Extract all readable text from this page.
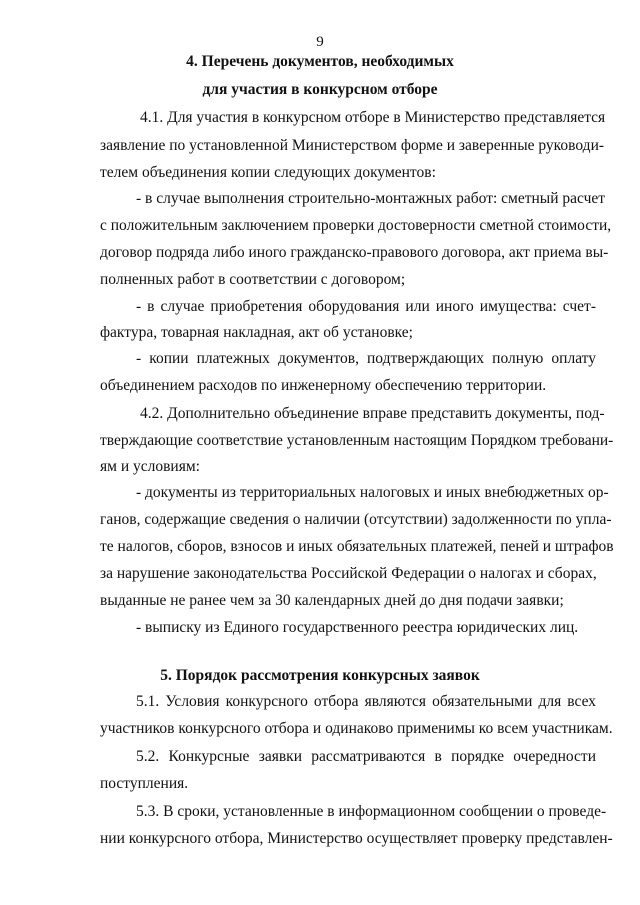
9
4. Перечень документов, необходимых
для участия в конкурсном отборе
4.1. Для участия в конкурсном отборе в Министерство представляется
заявление по установленной Министерством форме и заверенные руководи-
телем объединения копии следующих документов:
- в случае выполнения строительно-монтажных работ: сметный расчет
с положительным заключением проверки достоверности сметной стоимости,
договор подряда либо иного гражданско-правового договора, акт приема вы-
полненных работ в соответствии с договором;
- в случае приобретения оборудования или иного имущества: счет-
фактура, товарная накладная, акт об установке;
- копии платежных документов, подтверждающих полную оплату
объединением расходов по инженерному обеспечению территории.
4.2. Дополнительно объединение вправе представить документы, под-
тверждающие соответствие установленным настоящим Порядком требовани-
ям и условиям:
- документы из территориальных налоговых и иных внебюджетных ор-
ганов, содержащие сведения о наличии (отсутствии) задолженности по упла-
те налогов, сборов, взносов и иных обязательных платежей, пеней и штрафов
за нарушение законодательства Российской Федерации о налогах и сборах,
выданные не ранее чем за 30 календарных дней до дня подачи заявки;
- выписку из Единого государственного реестра юридических лиц.
5. Порядок рассмотрения конкурсных заявок
5.1. Условия конкурсного отбора являются обязательными для всех
участников конкурсного отбора и одинаково применимы ко всем участникам.
5.2. Конкурсные заявки рассматриваются в порядке очередности
поступления.
5.3. В сроки, установленные в информационном сообщении о проведе-
нии конкурсного отбора, Министерство осуществляет проверку представлен-
